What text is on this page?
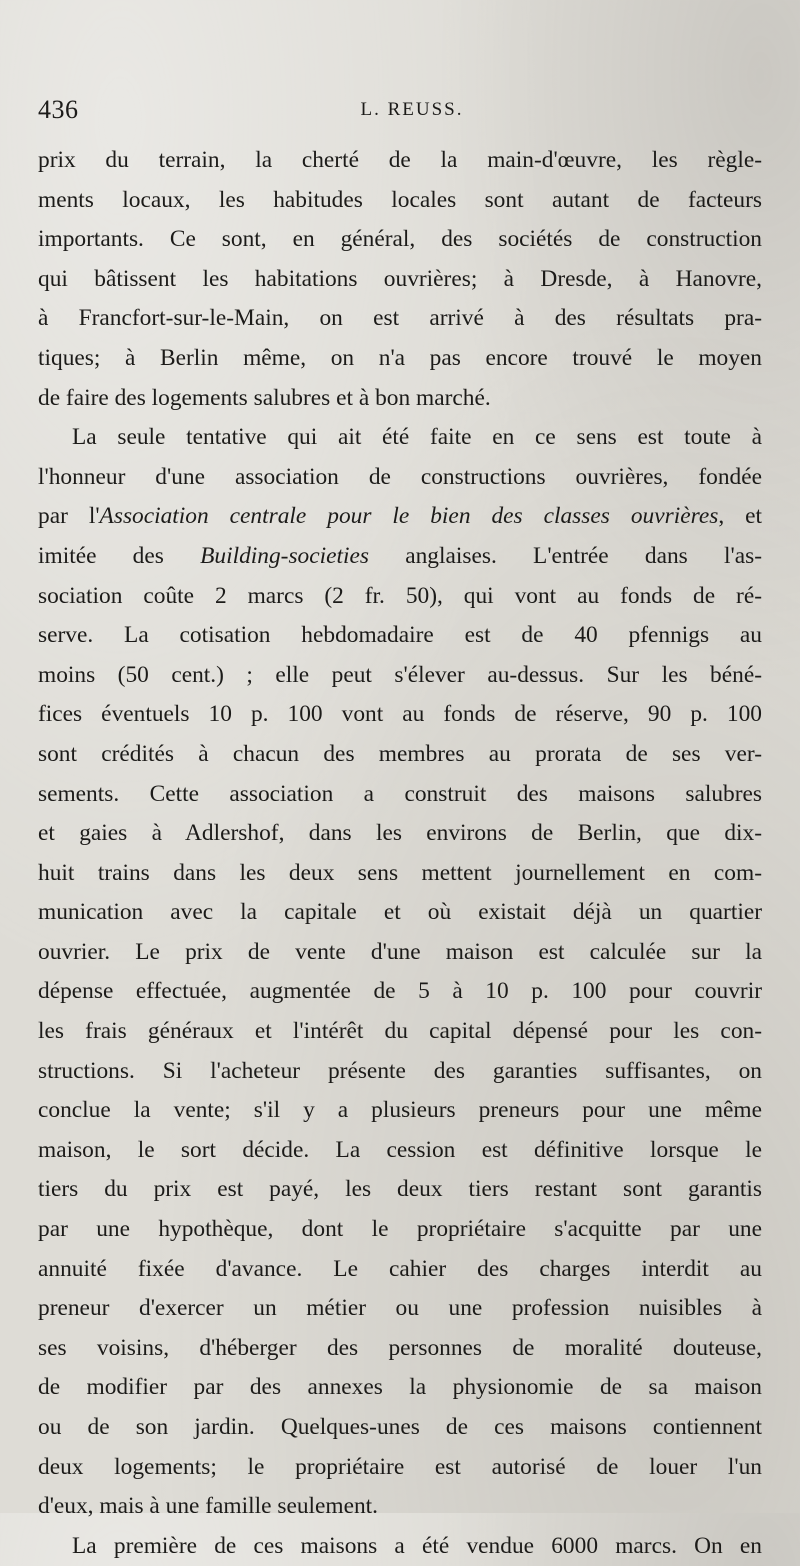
436	L. REUSS.

prix du terrain, la cherté de la main-d'œuvre, les règle-

ments locaux, les habitudes locales sont autant de facteurs

importants. Ce sont, en général, des sociétés de construction

qui bâtissent les habitations ouvrières; à Dresde, à Hanovre,

à Francfort-sur-le-Main, on est arrivé à des résultats pra-

tiques; à Berlin même, on n'a pas encore trouvé le moyen

de faire des logements salubres et à bon marché.

La seule tentative qui ait été faite en ce sens est toute à

l'honneur d'une association de constructions ouvrières, fondée

par l'Association centrale pour le bien des classes ouvrières, et

imitée des Building-societies anglaises. L'entrée dans l'as-

sociation coûte 2 marcs (2 fr. 50), qui vont au fonds de ré-

serve. La cotisation hebdomadaire est de 40 pfennigs au

moins (50 cent.) ; elle peut s'élever au-dessus. Sur les béné-

fices éventuels 10 p. 100 vont au fonds de réserve, 90 p. 100

sont crédités à chacun des membres au prorata de ses ver-

sements. Cette association a construit des maisons salubres

et gaies à Adlershof, dans les environs de Berlin, que dix-

huit trains dans les deux sens mettent journellement en com-

munication avec la capitale et où existait déjà un quartier

ouvrier. Le prix de vente d'une maison est calculée sur la

dépense effectuée, augmentée de 5 à 10 p. 100 pour couvrir

les frais généraux et l'intérêt du capital dépensé pour les con-

structions. Si l'acheteur présente des garanties suffisantes, on

conclue la vente; s'il y a plusieurs preneurs pour une même

maison, le sort décide. La cession est définitive lorsque le

tiers du prix est payé, les deux tiers restant sont garantis

par une hypothèque, dont le propriétaire s'acquitte par une

annuité fixée d'avance. Le cahier des charges interdit au

preneur d'exercer un métier ou une profession nuisibles à

ses voisins, d'héberger des personnes de moralité douteuse,

de modifier par des annexes la physionomie de sa maison

ou de son jardin. Quelques-unes de ces maisons contiennent

deux logements; le propriétaire est autorisé de louer l'un

d'eux, mais à une famille seulement.

La première de ces maisons a été vendue 6000 marcs. On en
